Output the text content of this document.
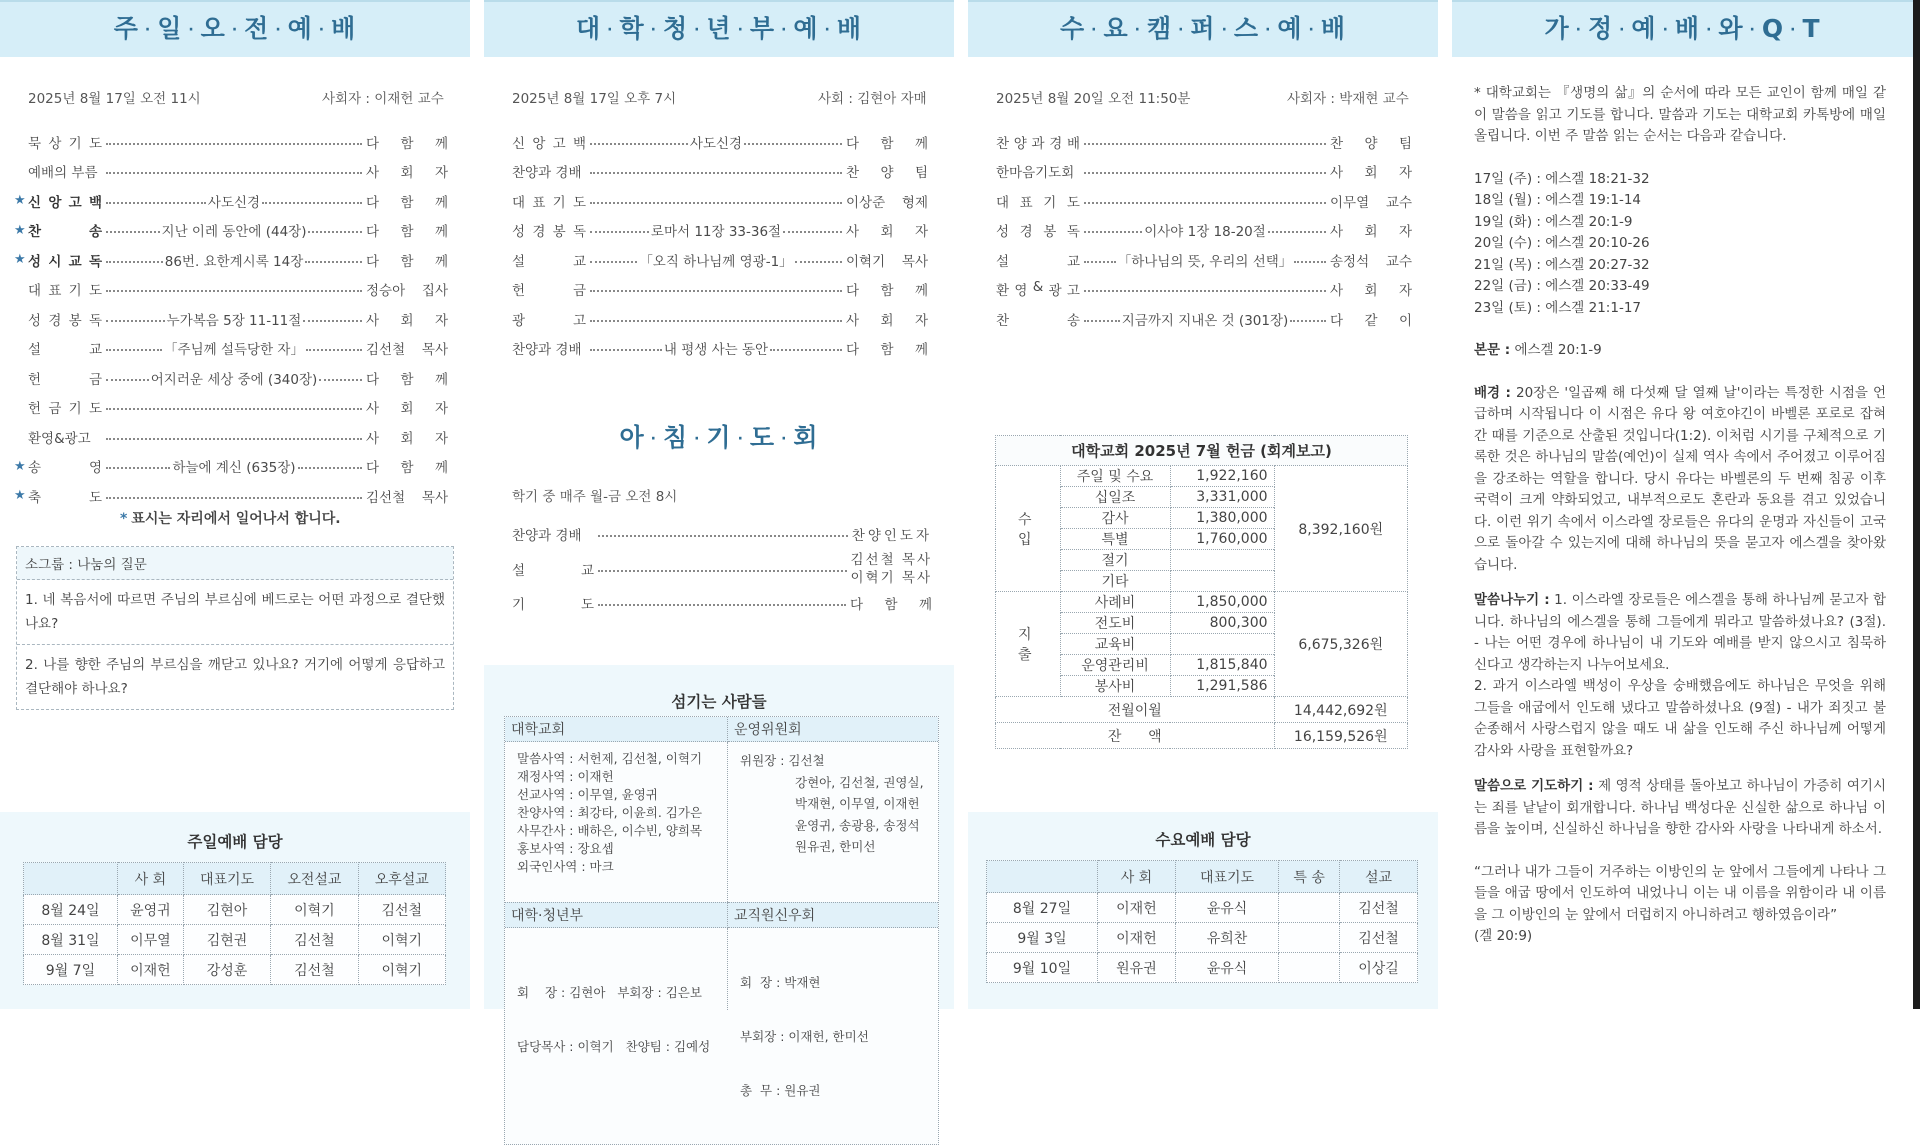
주 · 일 · 오 · 전 · 예 · 배	대 · 학 · 청 · 년 · 부 · 예 · 배	수 · 요 · 캠 · 퍼 · 스 · 예 · 배	가 · 정 · 예 · 배 · 와 · Q · T
2025년 8월 17일 오전 11시	사회자 : 이재헌 교수
묵 상 기 도	다 함 께
예배의 부름	사 회 자
★ 신 앙 고 백	사도신경	다 함 께
★ 찬	송	지난 이레 동안에 (44장)	다 함 께
★ 성 시 교 독	86번. 요한계시록 14장	다 함 께
대 표 기 도	정승아 집사
성 경 봉 독	누가복음 5장 11-11절	사 회 자
설	교	「주님께 설득당한 자」	김선철 목사
헌	금	어지러운 세상 중에 (340장)	다 함 께
헌 금 기 도	사 회 자
환영&광고	사 회 자
★ 송	영	하늘에 계신 (635장)	다 함 께
★ 축	도	김선철 목사
* 표시는 자리에서 일어나서 합니다.
소그룹 : 나눔의 질문
1. 네 복음서에 따르면 주님의 부르심에 베드로는 어떤 과정으로 결단했나요?
2. 나를 향한 주님의 부르심을 깨닫고 있나요? 거기에 어떻게 응답하고 결단해야 하나요?
주일예배 담당
	사 회	대표기도	오전설교	오후설교
8월 24일	윤영귀	김현아	이혁기	김선철
8월 31일	이무열	김현권	김선철	이혁기
9월 7일	이재헌	강성훈	김선철	이혁기
2025년 8월 17일 오후 7시	사회 : 김현아 자매
신 앙 고 백	사도신경	다 함 께
찬양과 경배	찬 양 팀
대 표 기 도	이상준 형제
성 경 봉 독	로마서 11장 33-36절	사 회 자
설	교	「오직 하나님께 영광-1」	이혁기 목사
헌	금	다 함 께
광	고	사 회 자
찬양과 경배	내 평생 사는 동안	다 함 께
아 · 침 · 기 · 도 · 회
학기 중 매주 월-금 오전 8시
찬양과 경배	찬양인도자
설	교
김선철 목사
이혁기 목사
기	도	다 함 께
섬기는 사람들
대학교회	운영위원회
말씀사역 : 서헌제, 김선철, 이혁기
재정사역 : 이재헌
선교사역 : 이무열, 윤영귀
찬양사역 : 최강타, 이윤희. 김가은
사무간사 : 배하은, 이수빈, 양희목
홍보사역 : 장요셉
외국인사역 : 마크
위원장 : 김선철
강현아, 김선철, 권영실,
박재현, 이무열, 이재헌
윤영귀, 송광용, 송정석
원유권, 한미선
대학·청년부	교직원신우회

회    장 : 김현아   부회장 : 김은보

담당목사 : 이혁기   찬양팀 : 김예성

회  장 : 박재현

부회장 : 이재헌, 한미선

총  무 : 원유권

2025년 8월 20일 오전 11:50분	사회자 : 박재현 교수
찬 양 과 경 배	찬 양 팀
한마음기도회	사 회 자
대 표 기 도	이무열 교수
성 경 봉 독	이사야 1장 18-20절	사 회 자
설	교	「하나님의 뜻, 우리의 선택」	송정석 교수
환 영 & 광 고	사 회 자
찬	송	지금까지 지내온 것 (301장)	다 같 이
대학교회 2025년 7월 헌금 (회계보고)			
수입	주일 및 수요	1,922,160	8,392,160원
	십일조	3,331,000	
	감사	1,380,000	
	특별	1,760,000	
	절기		
	기타		
지출	사례비	1,850,000	6,675,326원
	전도비	800,300	
	교육비		
	운영관리비	1,815,840	
	봉사비	1,291,586	
전월이월			14,442,692원
잔      액			16,159,526원
수요예배 담당
	사 회	대표기도	특 송	설교
8월 27일	이재헌	윤유식		김선철
9월 3일	이재헌	유희찬		김선철
9월 10일	원유권	윤유식		이상길

* 대학교회는 『생명의 삶』의 순서에 따라 모든 교인이 함께 매일 같이 말씀을 읽고 기도를 합니다. 말씀과 기도는 대학교회 카톡방에 매일 올립니다. 이번 주 말씀 읽는 순서는 다음과 같습니다.

17일 (주) : 에스겔 18:21-32
18일 (월) : 에스겔 19:1-14
19일 (화) : 에스겔 20:1-9
20일 (수) : 에스겔 20:10-26
21일 (목) : 에스겔 20:27-32
22일 (금) : 에스겔 20:33-49
23일 (토) : 에스겔 21:1-17

본문 : 에스겔 20:1-9

배경 : 20장은 '일곱째 해 다섯째 달 열째 날'이라는 특정한 시점을 언급하며 시작됩니다 이 시점은 유다 왕 여호야긴이 바벨론 포로로 잡혀간 때를 기준으로 산출된 것입니다(1:2). 이처럼 시기를 구체적으로 기록한 것은 하나님의 말씀(예언)이 실제 역사 속에서 주어졌고 이루어짐을 강조하는 역할을 합니다. 당시 유다는 바벨론의 두 번째 침공 이후 국력이 크게 약화되었고, 내부적으로도 혼란과 동요를 겪고 있었습니다. 이런 위기 속에서 이스라엘 장로들은 유다의 운명과 자신들이 고국으로 돌아갈 수 있는지에 대해 하나님의 뜻을 묻고자 에스겔을 찾아왔습니다.

말씀나누기 : 1. 이스라엘 장로들은 에스겔을 통해 하나님께 묻고자 합니다. 하나님의 에스겔을 통해 그들에게 뭐라고 말씀하셨나요? (3절). - 나는 어떤 경우에 하나님이 내 기도와 예배를 받지 않으시고 침묵하신다고 생각하는지 나누어보세요.

2. 과거 이스라엘 백성이 우상을 숭배했음에도 하나님은 무엇을 위해 그들을 애굽에서 인도해 냈다고 말씀하셨나요 (9절) - 내가 죄짓고 불순종해서 사랑스럽지 않을 때도 내 삶을 인도해 주신 하나님께 어떻게 감사와 사랑을 표현할까요?

말씀으로 기도하기 : 제 영적 상태를 돌아보고 하나님이 가증히 여기시는 죄를 낱낱이 회개합니다. 하나님 백성다운 신실한 삶으로 하나님 이름을 높이며, 신실하신 하나님을 향한 감사와 사랑을 나타내게 하소서.

“그러나 내가 그들이 거주하는 이방인의 눈 앞에서 그들에게 나타나 그들을 애굽 땅에서 인도하여 내었나니 이는 내 이름을 위함이라 내 이름을 그 이방인의 눈 앞에서 더럽히지 아니하려고 행하였음이라”

(겔 20:9)
